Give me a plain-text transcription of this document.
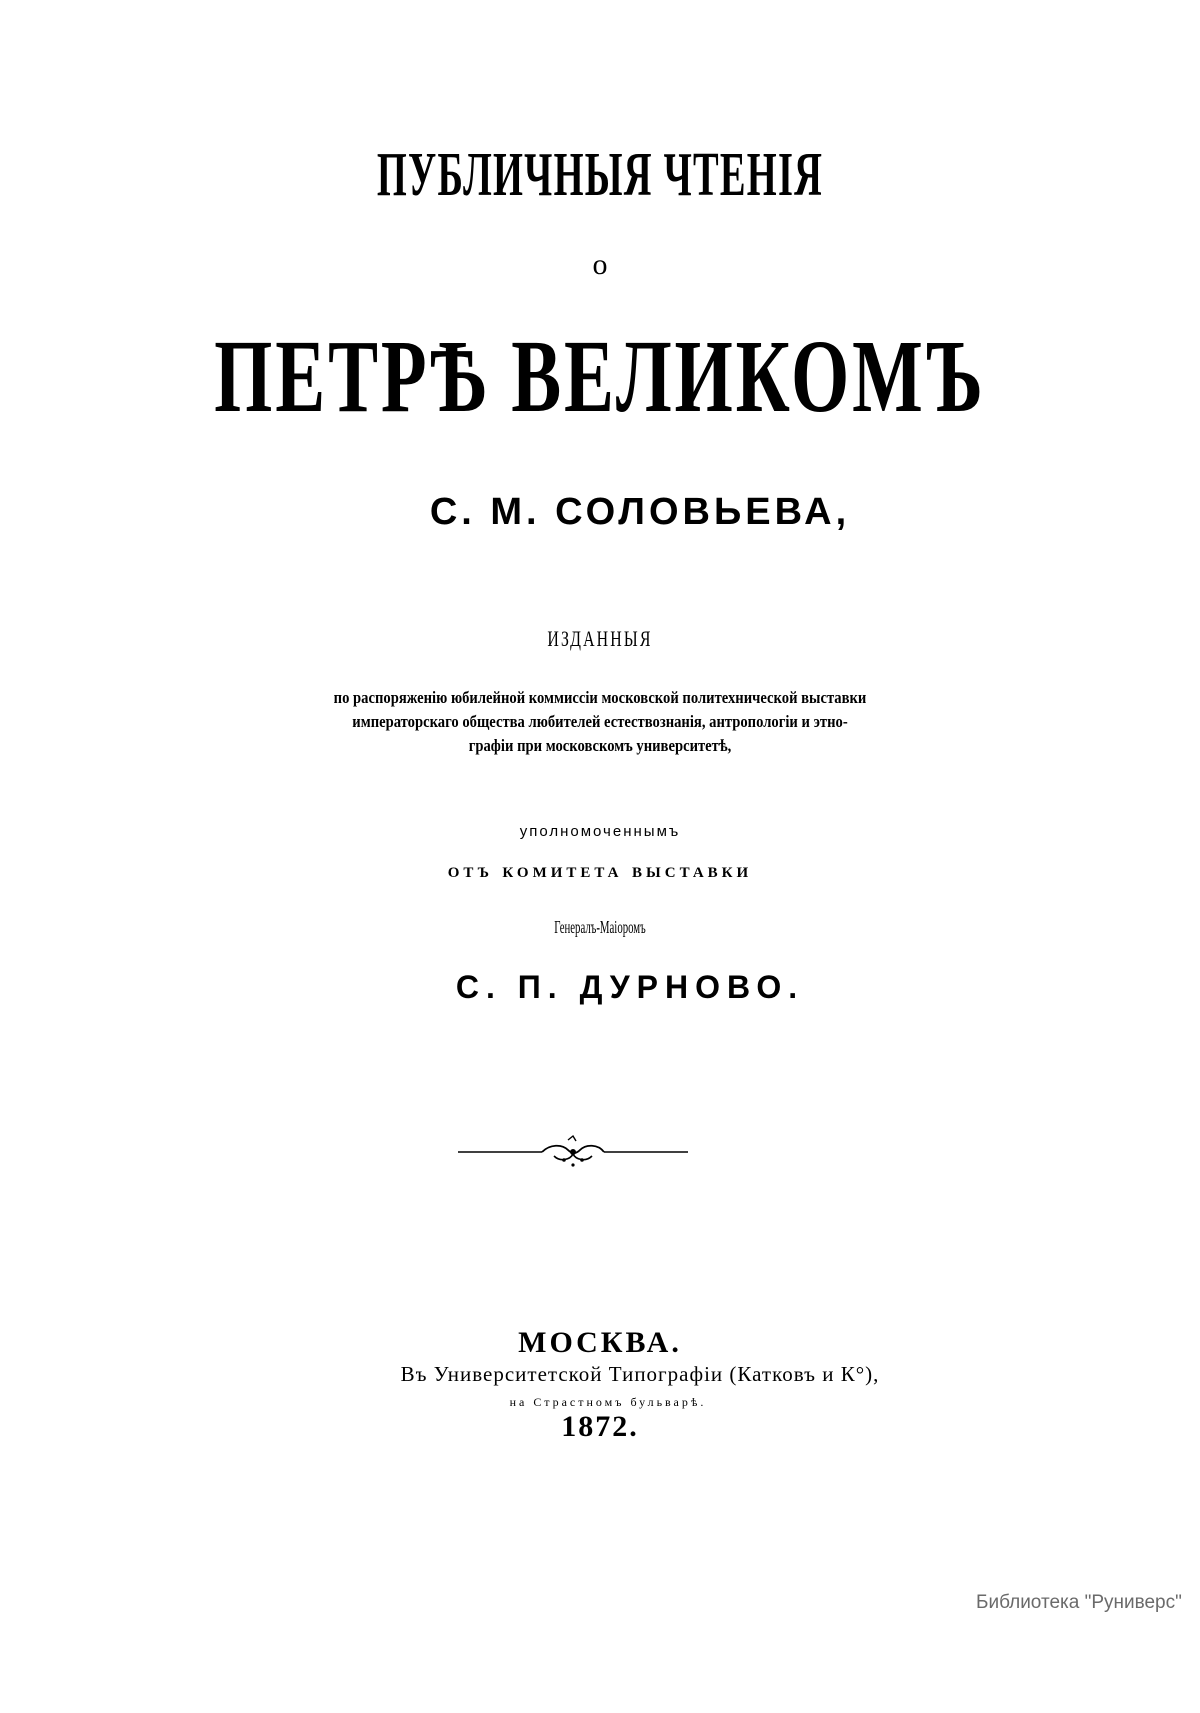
ПУБЛИЧНЫЯ ЧТЕНІЯ
о
ПЕТРѢ ВЕЛИКОМЪ
С. М. СОЛОВЬЕВА,
ИЗДАННЫЯ
по распоряженію юбилейной коммиссіи московской политехнической выставки
императорскаго общества любителей естествознанія, антропологіи и этно-
графіи при московскомъ университетѣ,
уполномоченнымъ
отъ комитета выставки
Генералъ-Маіоромъ
С. П. ДУРНОВО.
МОСКВА.
Въ Университетской Типографіи (Катковъ и К°),
на Страстномъ бульварѣ.
1872.
Библиотека "Руниверс"
